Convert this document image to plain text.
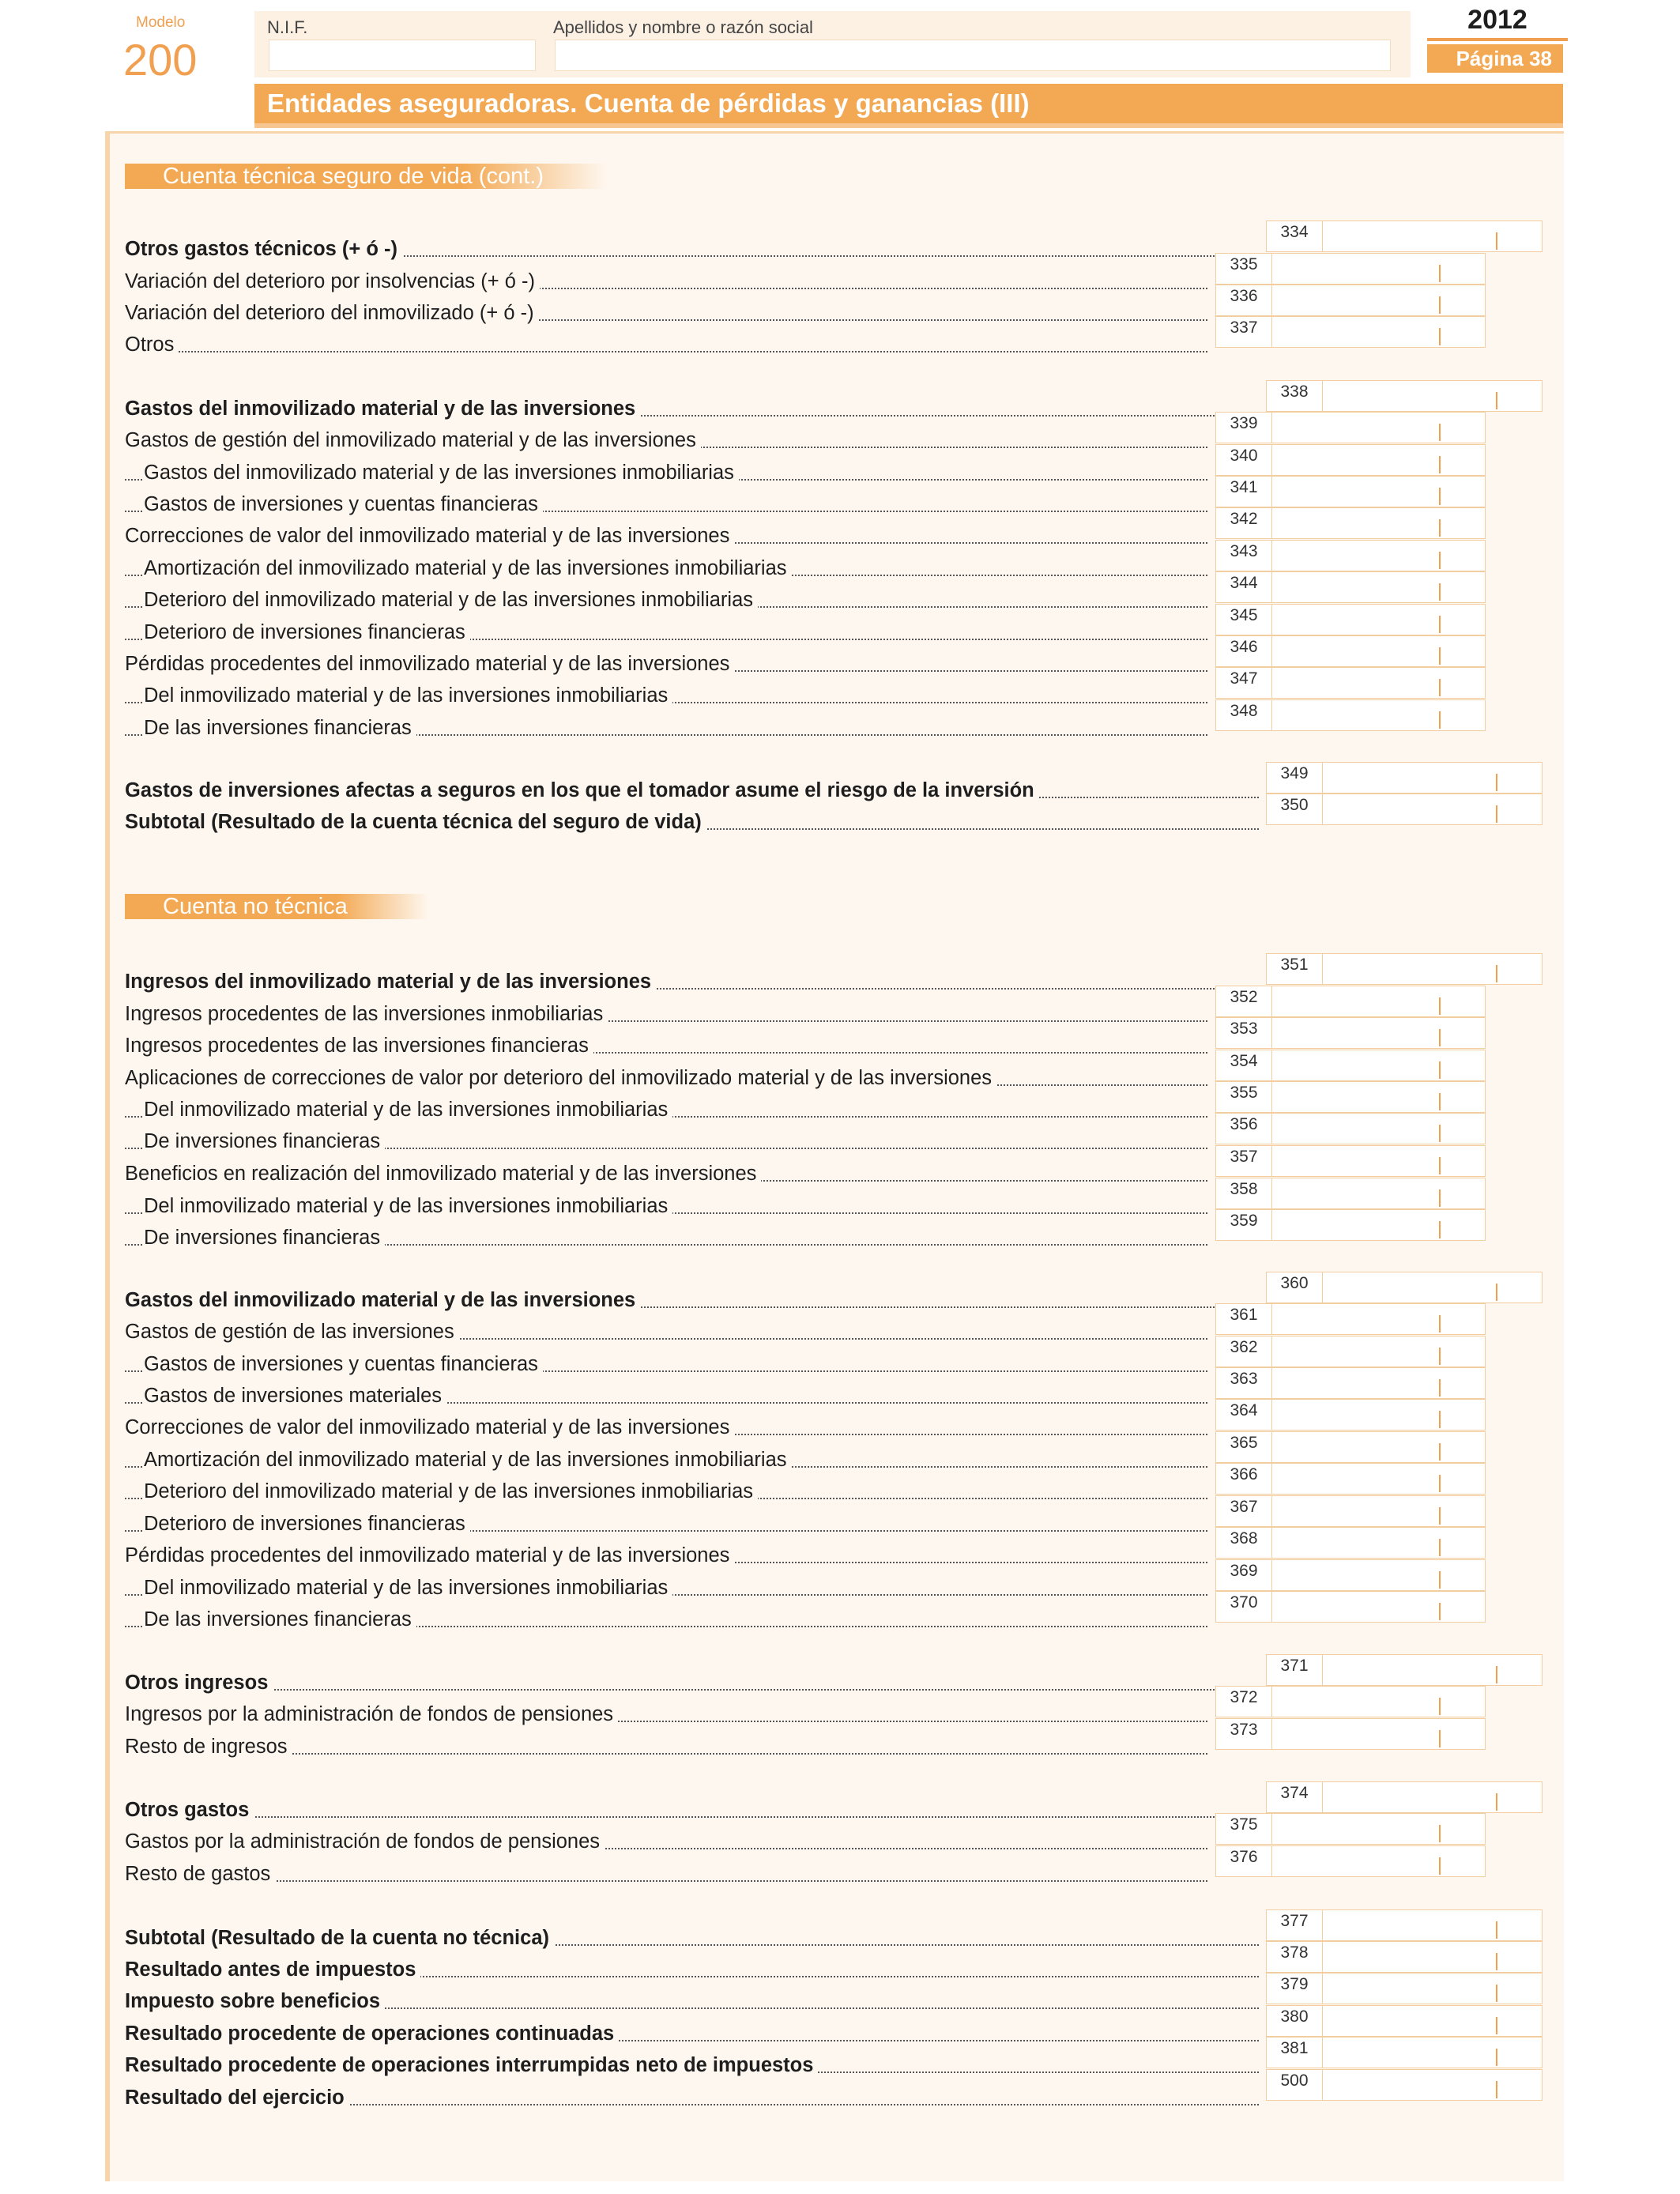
Modelo
200
N.I.F.	Apellidos y nombre o razón social	2012
Página 38
Entidades aseguradoras. Cuenta de pérdidas y ganancias (III)
Cuenta técnica seguro de vida (cont.)
Cuenta no técnica
Otros gastos técnicos (+ ó -)
334
Variación del deterioro por insolvencias (+ ó -)
335
Variación del deterioro del inmovilizado (+ ó -)
336
Otros
337
Gastos del inmovilizado material y de las inversiones
338
Gastos de gestión del inmovilizado material y de las inversiones
339
Gastos del inmovilizado material y de las inversiones inmobiliarias
340
Gastos de inversiones y cuentas financieras
341
Correcciones de valor del inmovilizado material y de las inversiones
342
Amortización del inmovilizado material y de las inversiones inmobiliarias
343
Deterioro del inmovilizado material y de las inversiones inmobiliarias
344
Deterioro de inversiones financieras
345
Pérdidas procedentes del inmovilizado material y de las inversiones
346
Del inmovilizado material y de las inversiones inmobiliarias
347
De las inversiones financieras
348
Gastos de inversiones afectas a seguros en los que el tomador asume el riesgo de la inversión
349
Subtotal (Resultado de la cuenta técnica del seguro de vida)
350
Ingresos del inmovilizado material y de las inversiones
351
Ingresos procedentes de las inversiones inmobiliarias
352
Ingresos procedentes de las inversiones financieras
353
Aplicaciones de correcciones de valor por deterioro del inmovilizado material y de las inversiones
354
Del inmovilizado material y de las inversiones inmobiliarias
355
De inversiones financieras
356
Beneficios en realización del inmovilizado material y de las inversiones
357
Del inmovilizado material y de las inversiones inmobiliarias
358
De inversiones financieras
359
Gastos del inmovilizado material y de las inversiones
360
Gastos de gestión de las inversiones
361
Gastos de inversiones y cuentas financieras
362
Gastos de inversiones materiales
363
Correcciones de valor del inmovilizado material y de las inversiones
364
Amortización del inmovilizado material y de las inversiones inmobiliarias
365
Deterioro del inmovilizado material y de las inversiones inmobiliarias
366
Deterioro de inversiones financieras
367
Pérdidas procedentes del inmovilizado material y de las inversiones
368
Del inmovilizado material y de las inversiones inmobiliarias
369
De las inversiones financieras
370
Otros ingresos
371
Ingresos por la administración de fondos de pensiones
372
Resto de ingresos
373
Otros gastos
374
Gastos por la administración de fondos de pensiones
375
Resto de gastos
376
Subtotal (Resultado de la cuenta no técnica)
377
Resultado antes de impuestos
378
Impuesto sobre beneficios
379
Resultado procedente de operaciones continuadas
380
Resultado procedente de operaciones interrumpidas neto de impuestos
381
Resultado del ejercicio
500
